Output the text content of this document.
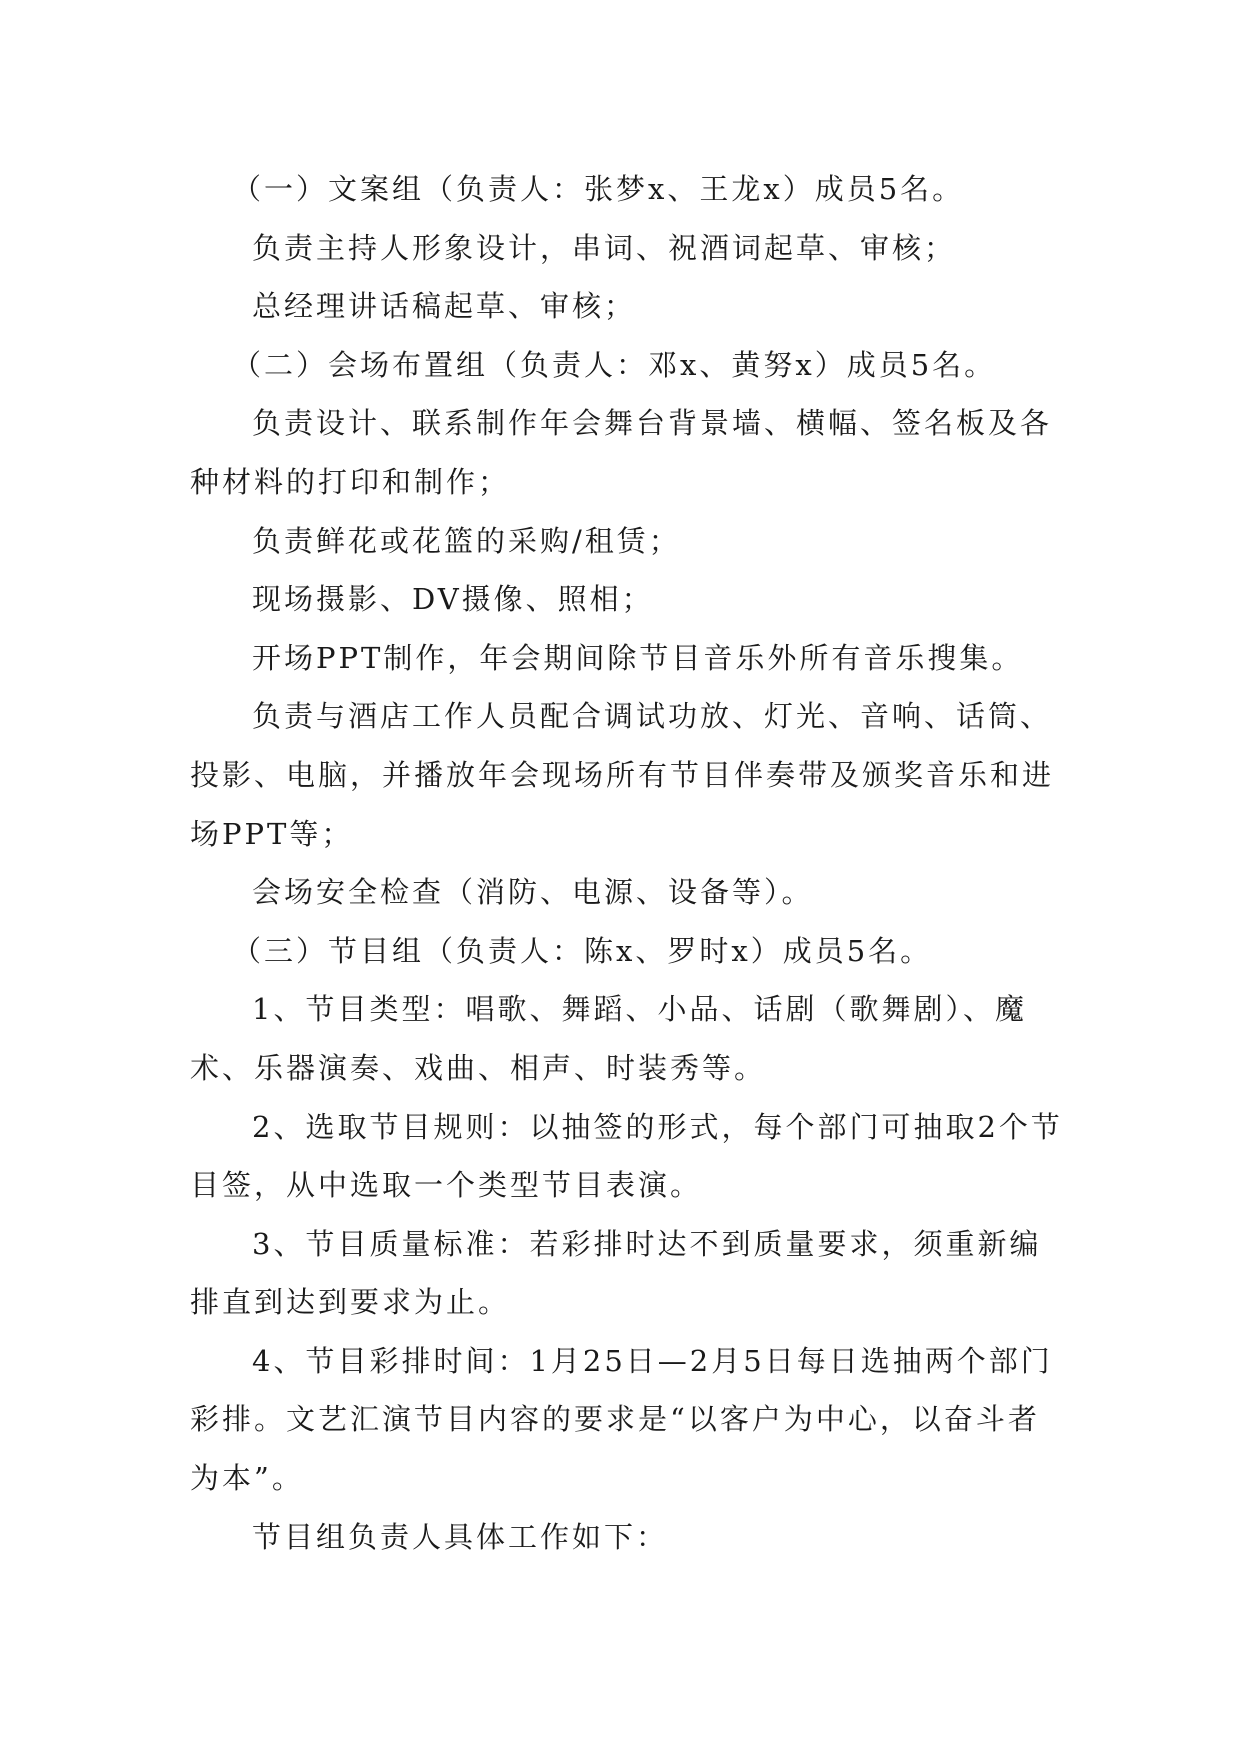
（一）文案组（负责人：张梦x、王龙x）成员5名。

负责主持人形象设计，串词、祝酒词起草、审核；

总经理讲话稿起草、审核；

（二）会场布置组（负责人：邓x、黄努x）成员5名。

负责设计、联系制作年会舞台背景墙、横幅、签名板及各种材料的打印和制作；

负责鲜花或花篮的采购/租赁；

现场摄影、DV摄像、照相；

开场PPT制作，年会期间除节目音乐外所有音乐搜集。

负责与酒店工作人员配合调试功放、灯光、音响、话筒、投影、电脑，并播放年会现场所有节目伴奏带及颁奖音乐和进场PPT等；

会场安全检查（消防、电源、设备等）。

（三）节目组（负责人：陈x、罗时x）成员5名。

1、节目类型：唱歌、舞蹈、小品、话剧（歌舞剧）、魔术、乐器演奏、戏曲、相声、时装秀等。

2、选取节目规则：以抽签的形式，每个部门可抽取2个节目签，从中选取一个类型节目表演。

3、节目质量标准：若彩排时达不到质量要求，须重新编排直到达到要求为止。

4、节目彩排时间：1月25日—2月5日每日选抽两个部门彩排。文艺汇演节目内容的要求是“以客户为中心，以奋斗者为本”。

节目组负责人具体工作如下：
